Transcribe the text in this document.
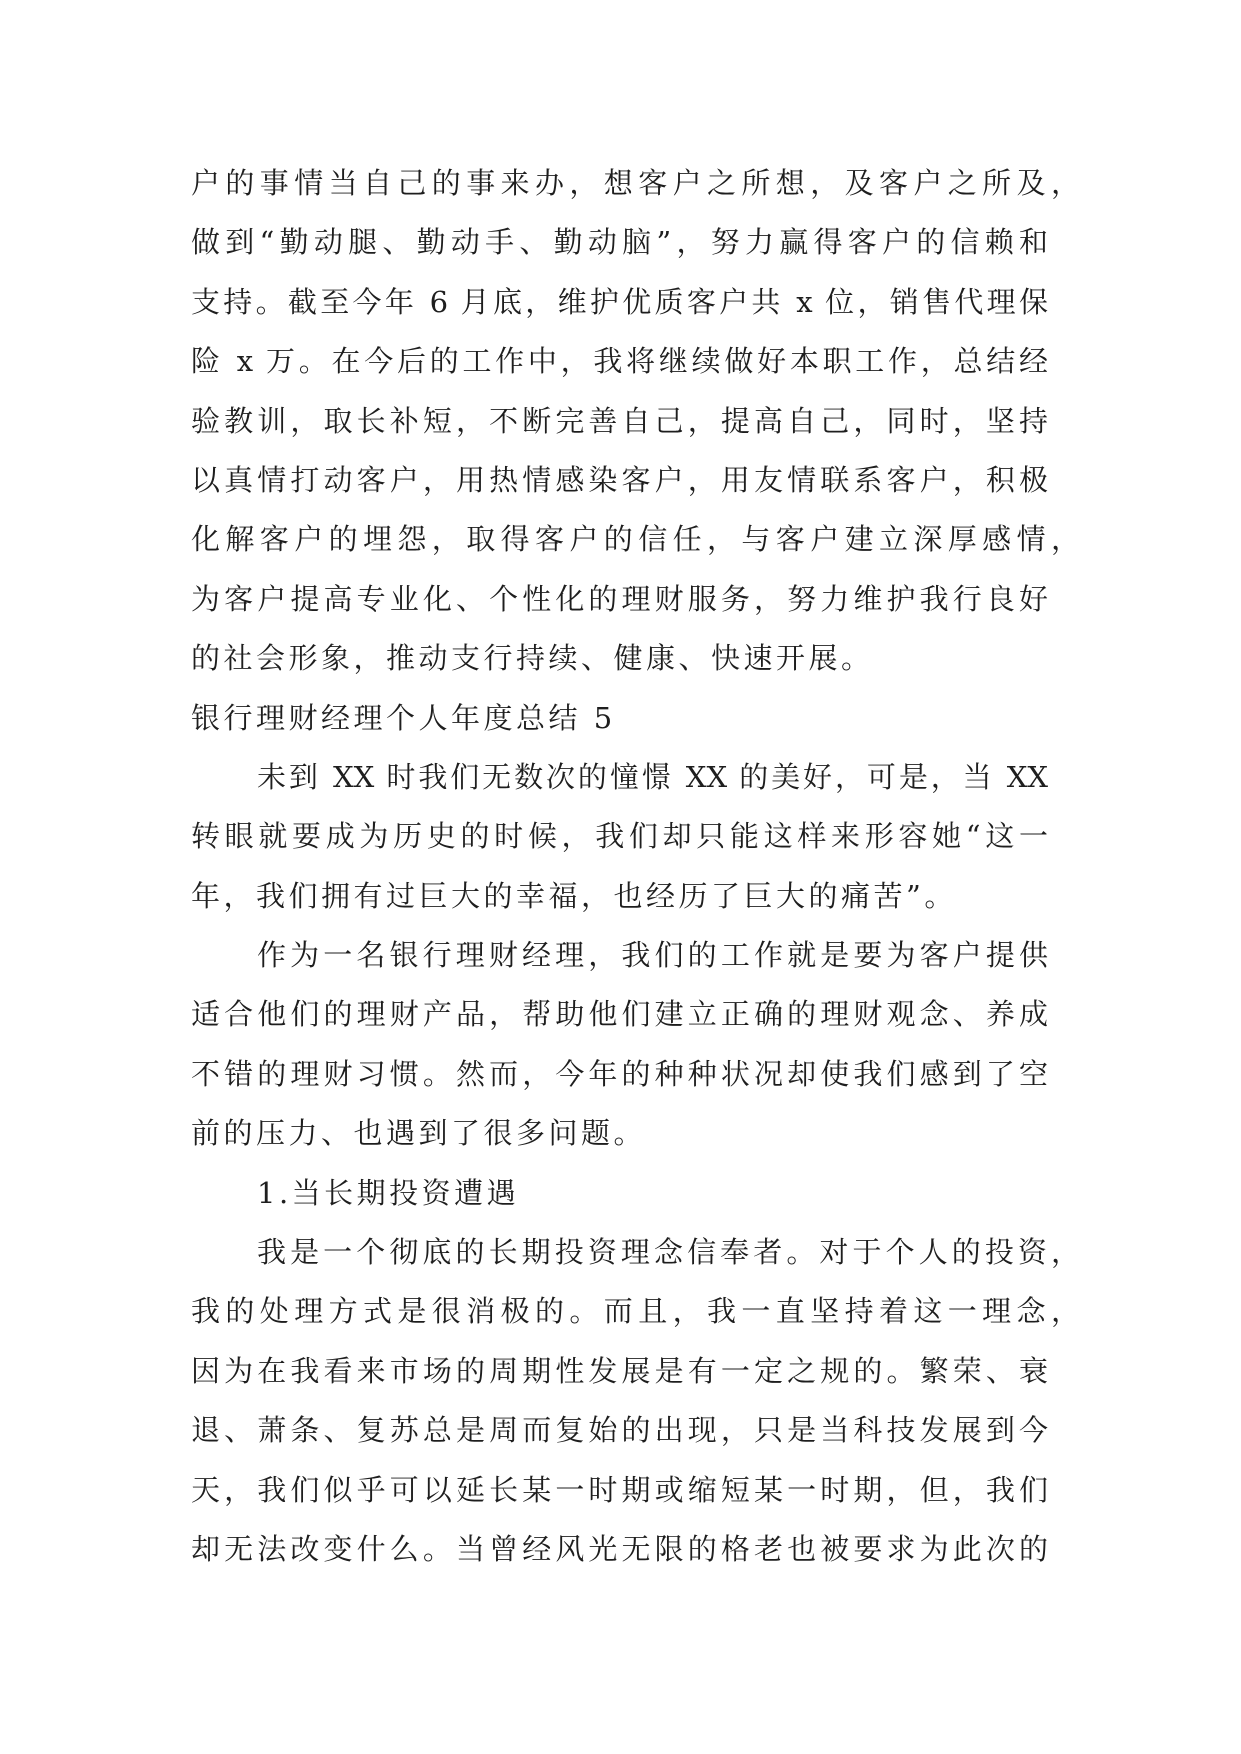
户的事情当自己的事来办，想客户之所想，及客户之所及，
做到“勤动腿、勤动手、勤动脑”，努力赢得客户的信赖和
支持。截至今年 6 月底，维护优质客户共 x 位，销售代理保
险 x 万。在今后的工作中，我将继续做好本职工作，总结经
验教训，取长补短，不断完善自己，提高自己，同时，坚持
以真情打动客户，用热情感染客户，用友情联系客户，积极
化解客户的埋怨，取得客户的信任，与客户建立深厚感情，
为客户提高专业化、个性化的理财服务，努力维护我行良好
的社会形象，推动支行持续、健康、快速开展。
银行理财经理个人年度总结 5
未到 XX 时我们无数次的憧憬 XX 的美好，可是，当 XX
转眼就要成为历史的时候，我们却只能这样来形容她“这一
年，我们拥有过巨大的幸福，也经历了巨大的痛苦”。
作为一名银行理财经理，我们的工作就是要为客户提供
适合他们的理财产品，帮助他们建立正确的理财观念、养成
不错的理财习惯。然而，今年的种种状况却使我们感到了空
前的压力、也遇到了很多问题。
1.当长期投资遭遇
我是一个彻底的长期投资理念信奉者。对于个人的投资，
我的处理方式是很消极的。而且，我一直坚持着这一理念，
因为在我看来市场的周期性发展是有一定之规的。繁荣、衰
退、萧条、复苏总是周而复始的出现，只是当科技发展到今
天，我们似乎可以延长某一时期或缩短某一时期，但，我们
却无法改变什么。当曾经风光无限的格老也被要求为此次的
